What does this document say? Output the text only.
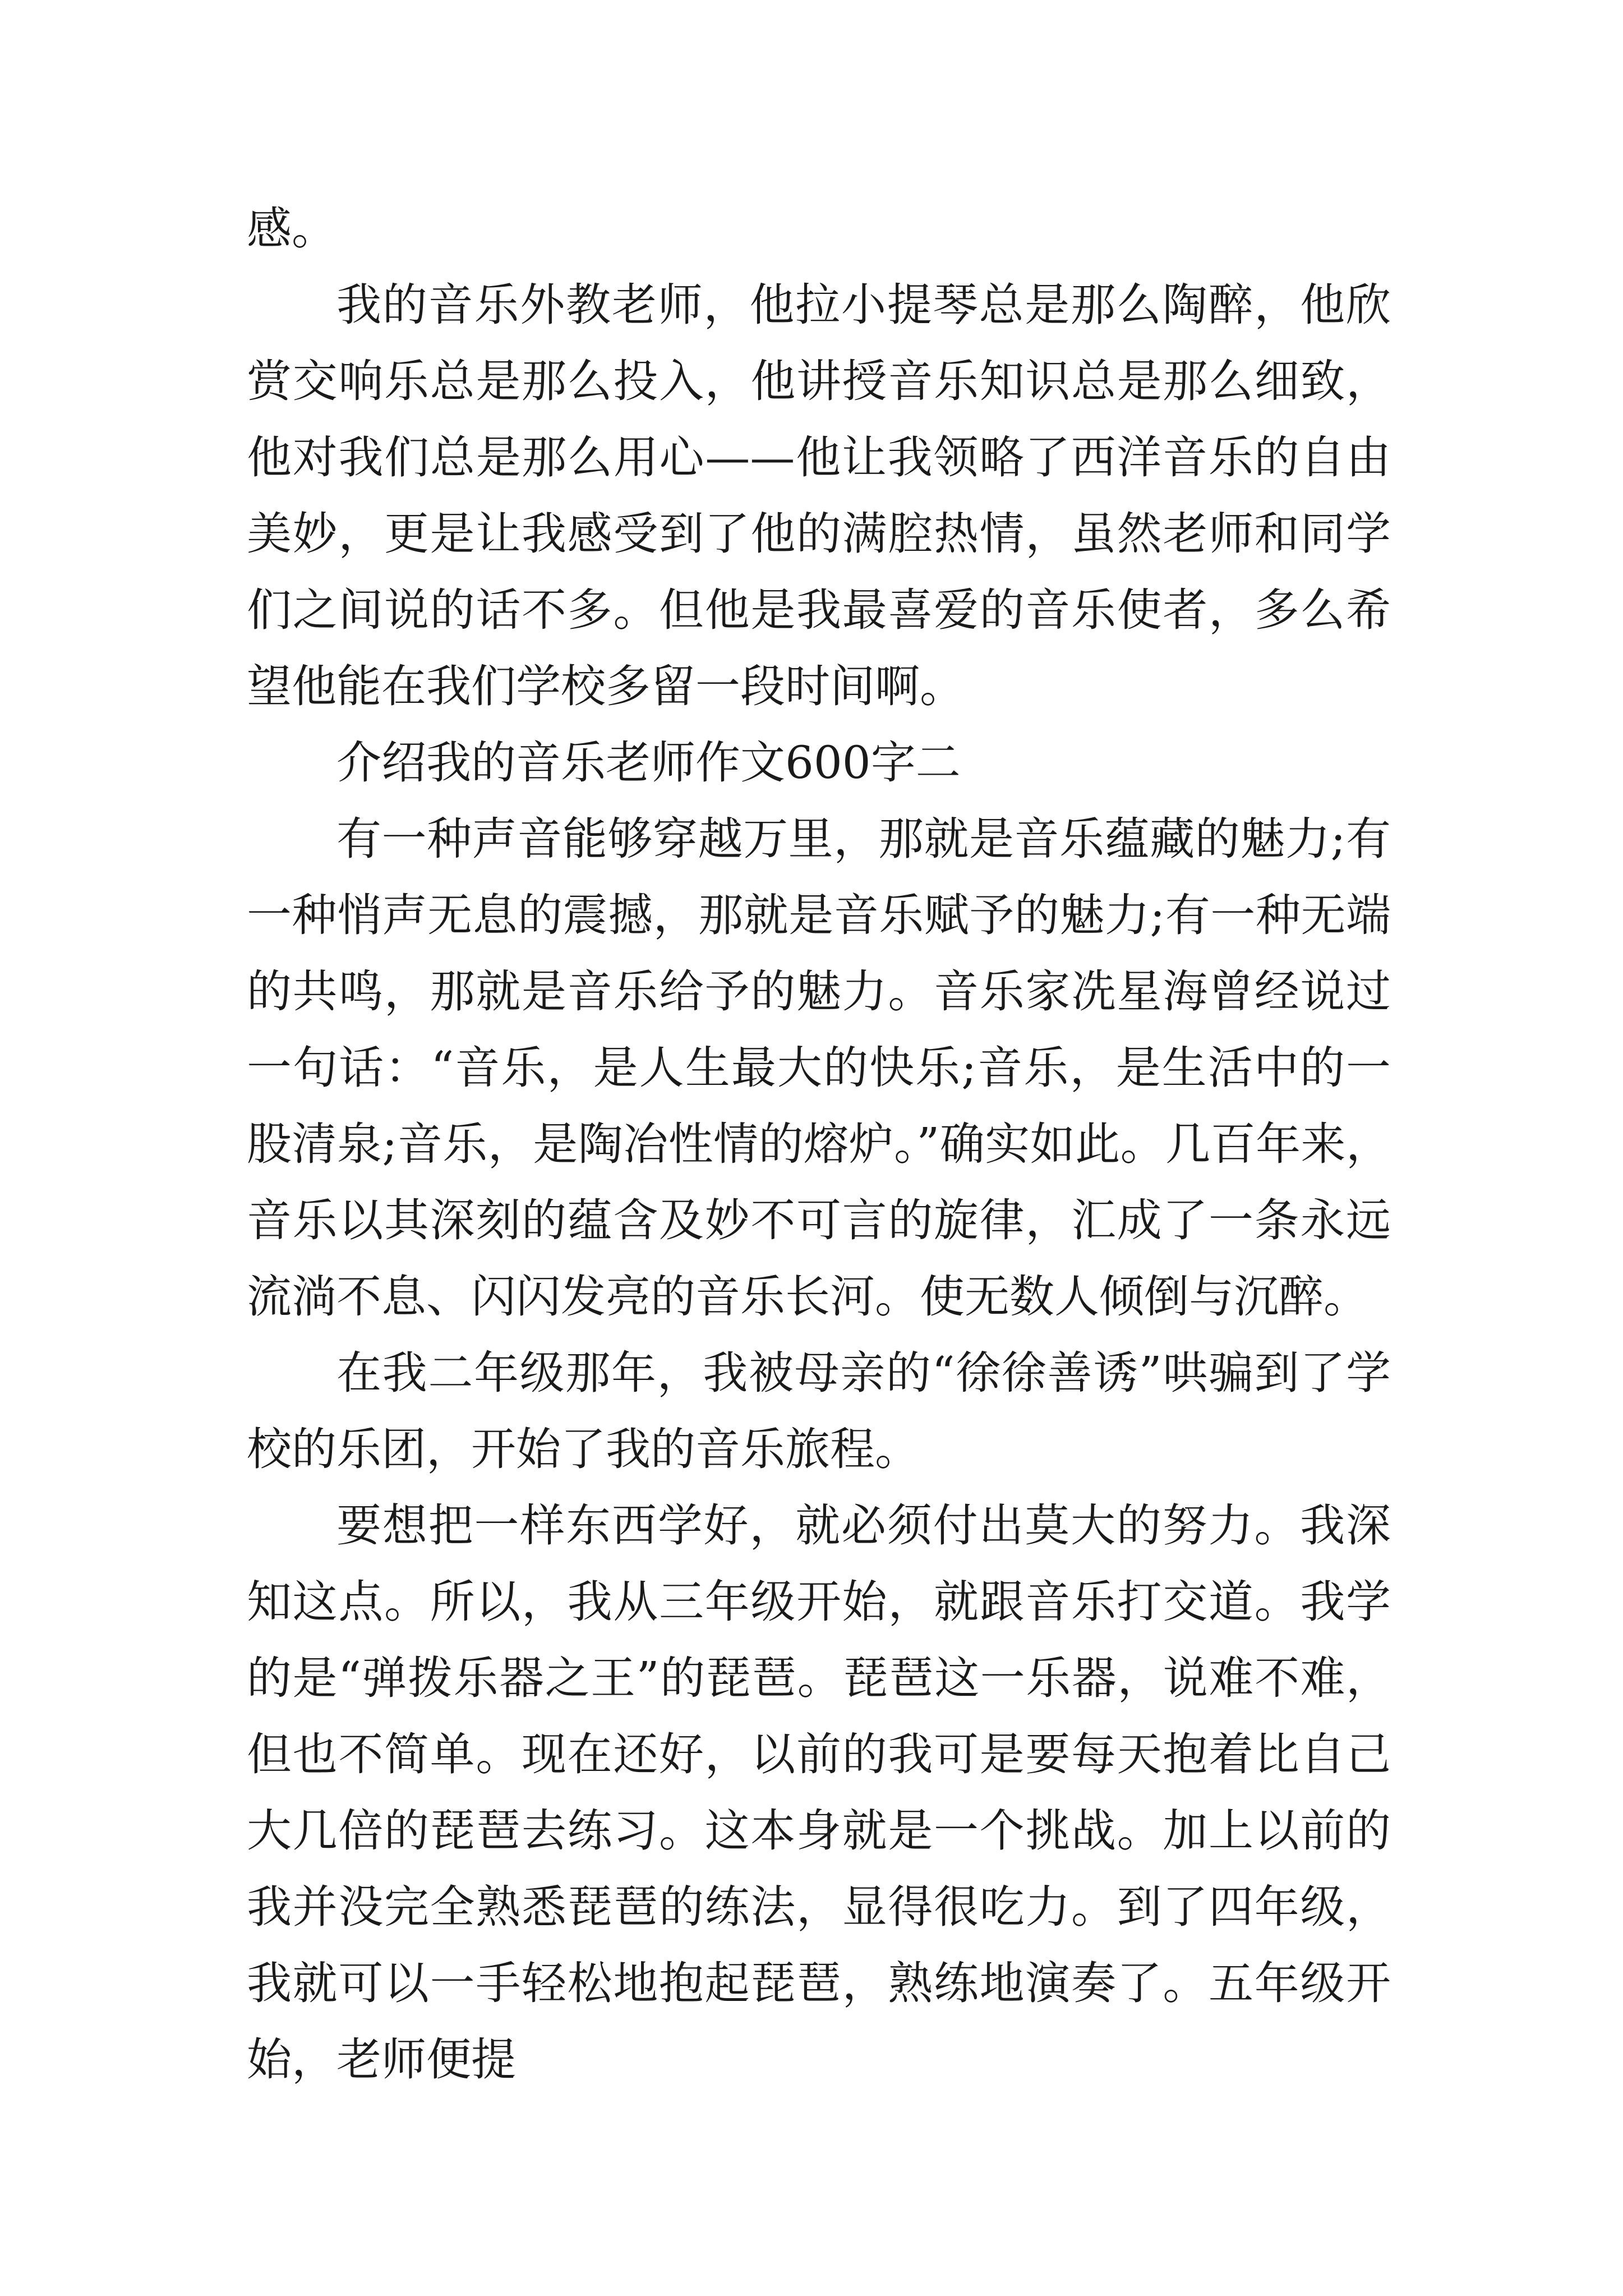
感。

我的音乐外教老师，他拉小提琴总是那么陶醉，他欣赏交响乐总是那么投入，他讲授音乐知识总是那么细致，他对我们总是那么用心——他让我领略了西洋音乐的自由美妙，更是让我感受到了他的满腔热情，虽然老师和同学们之间说的话不多。但他是我最喜爱的音乐使者，多么希望他能在我们学校多留一段时间啊。

介绍我的音乐老师作文600字二

有一种声音能够穿越万里，那就是音乐蕴藏的魅力;有一种悄声无息的震撼，那就是音乐赋予的魅力;有一种无端的共鸣，那就是音乐给予的魅力。音乐家冼星海曾经说过一句话：“音乐，是人生最大的快乐;音乐，是生活中的一股清泉;音乐，是陶冶性情的熔炉。”确实如此。几百年来，音乐以其深刻的蕴含及妙不可言的旋律，汇成了一条永远流淌不息、闪闪发亮的音乐长河。使无数人倾倒与沉醉。

在我二年级那年，我被母亲的“徐徐善诱”哄骗到了学校的乐团，开始了我的音乐旅程。

要想把一样东西学好，就必须付出莫大的努力。我深知这点。所以，我从三年级开始，就跟音乐打交道。我学的是“弹拨乐器之王”的琵琶。琵琶这一乐器，说难不难，但也不简单。现在还好，以前的我可是要每天抱着比自己大几倍的琵琶去练习。这本身就是一个挑战。加上以前的我并没完全熟悉琵琶的练法，显得很吃力。到了四年级，我就可以一手轻松地抱起琵琶，熟练地演奏了。五年级开始，老师便提
